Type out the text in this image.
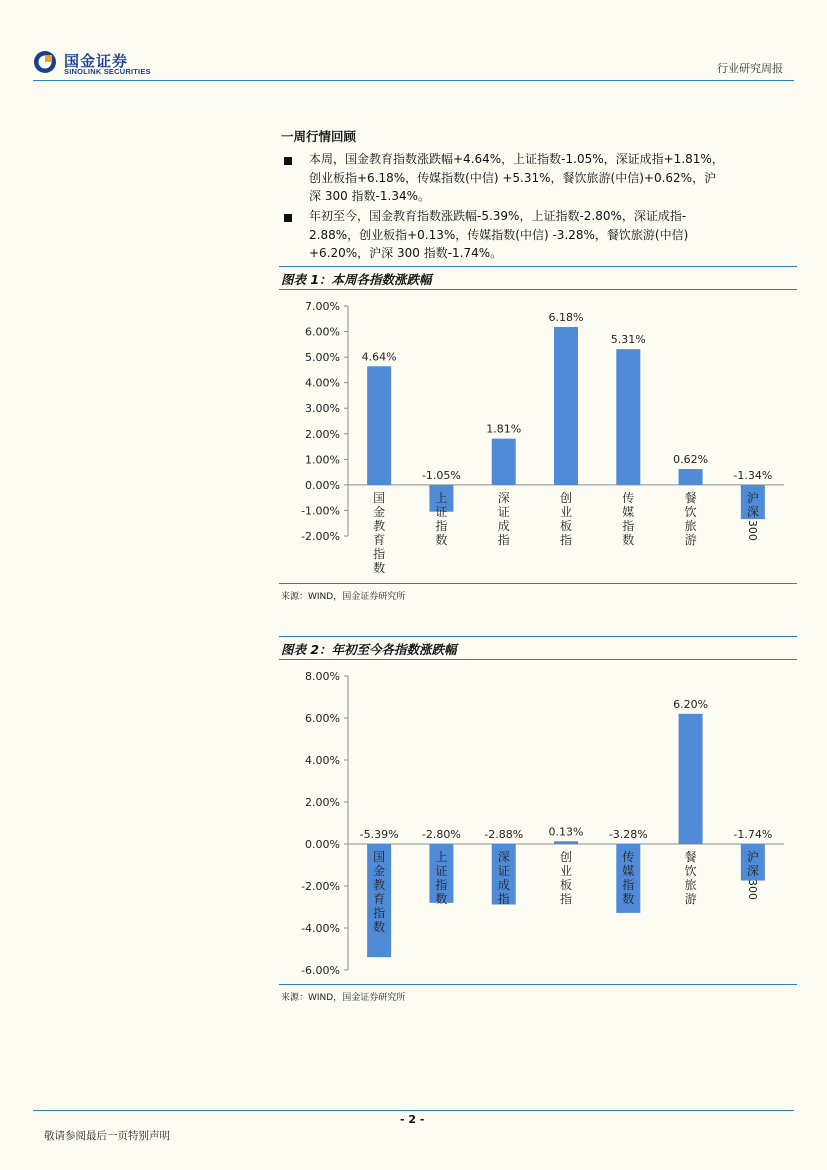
国金证券
SINOLINK SECURITIES	行业研究周报
一周行情回顾
本周，国金教育指数涨跌幅+4.64%，上证指数-1.05%，深证成指+1.81%，
创业板指+6.18%，传媒指数(中信) +5.31%，餐饮旅游(中信)+0.62%，沪
深 300 指数-1.34%。
年初至今，国金教育指数涨跌幅-5.39%，上证指数-2.80%，深证成指-
2.88%，创业板指+0.13%，传媒指数(中信) -3.28%，餐饮旅游(中信)
+6.20%，沪深 300 指数-1.74%。
图表 1：本周各指数涨跌幅
7.00%
6.00%
5.00%
4.00%
3.00%
2.00%
1.00%
0.00%
-1.00%
-2.00%
4.64%
国
金
教
育
指
数
-1.05%
上
证
指
数
1.81%
深
证
成
指
6.18%
创
业
板
指
5.31%
传
媒
指
数
0.62%
餐
饮
旅
游
-1.34%
沪
深
300
来源：WIND，国金证券研究所
图表 2：年初至今各指数涨跌幅
8.00%
6.00%
4.00%
2.00%
0.00%
-2.00%
-4.00%
-6.00%
-5.39%
国
金
教
育
指
数
-2.80%
上
证
指
数
-2.88%
深
证
成
指
0.13%
创
业
板
指
-3.28%
传
媒
指
数
6.20%
餐
饮
旅
游
-1.74%
沪
深
300
来源：WIND，国金证券研究所
- 2 -
敬请参阅最后一页特别声明
